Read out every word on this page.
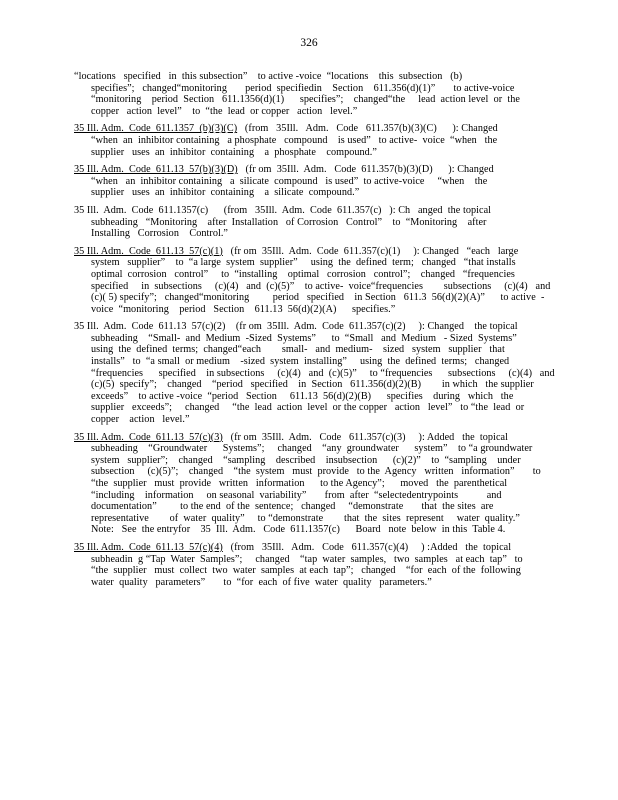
326
“locations   specified   in  this subsection”    to active -voice  “locations    this  subsection   (b)
specifies”;   changed“monitoring       period  specifiedin    Section    611.356(d)(1)”       to active-voice
“monitoring    period  Section   611.1356(d)(1)      specifies”;    changed“the     lead  action level  or  the
copper   action  level”    to  “the  lead  or copper   action   level.”
35 Ill. Adm.  Code  611.1357  (b)(3)(C)   (from   35Ill.   Adm.   Code   611.357(b)(3)(C)      ): Changed
“when  an  inhibitor containing   a phosphate   compound    is used”   to active-  voice  “when   the
supplier   uses  an  inhibitor  containing    a  phosphate    compound.”
35 Ill. Adm.  Code  611.13  57(b)(3)(D)   (fr om  35Ill.  Adm.   Code  611.357(b)(3)(D)      ): Changed
“when   an  inhibitor containing   a  silicate  compound   is used”  to active-voice     “when    the
supplier   uses  an  inhibitor  containing    a  silicate  compound.”
35 Ill.  Adm.  Code  611.1357(c)      (from   35Ill.  Adm.  Code  611.357(c)   ): Ch   anged  the topical
subheading   “Monitoring    after  Installation   of Corrosion   Control”    to  “Monitoring    after
Installing   Corrosion    Control.”
35 Ill. Adm.  Code  611.13  57(c)(1)   (fr om  35Ill.  Adm.  Code  611.357(c)(1)     ): Changed   “each   large
system   supplier”    to  “a large  system  supplier”     using  the  defined  term;   changed   “that installs
optimal  corrosion   control”     to  “installing    optimal   corrosion   control”;    changed   “frequencies
specified     in  subsections     (c)(4)   and  (c)(5)”    to active-  voice“frequencies        subsections     (c)(4)   and
(c)( 5) specify”;   changed“monitoring         period   specified    in Section   611.3  56(d)(2)(A)”      to active  -
voice  “monitoring    period   Section    611.13  56(d)(2)(A)      specifies.”
35 Ill.  Adm.  Code  611.13  57(c)(2)    (fr om  35Ill.  Adm.  Code  611.357(c)(2)     ): Changed    the topical
subheading    “Small-  and  Medium  -Sized  Systems”      to  “Small   and  Medium   - Sized  Systems”
using  the  defined  terms;  changed“each        small-   and  medium-    sized   system   supplier   that
installs”   to  “a small  or medium    -sized  system  installing”     using  the  defined  terms;   changed
“frequencies      specified    in subsections     (c)(4)   and  (c)(5)”     to “frequencies      subsections     (c)(4)   and
(c)(5)  specify”;    changed    “period   specified    in  Section   611.356(d)(2)(B)        in which   the supplier
exceeds”    to active -voice  “period   Section     611.13  56(d)(2)(B)      specifies    during   which   the
supplier   exceeds”;     changed     “the  lead  action  level  or the copper   action   level”   to “the  lead  or
copper    action   level.”
35 Ill. Adm.  Code  611.13  57(c)(3)   (fr om  35Ill.  Adm.   Code   611.357(c)(3)     ): Added   the  topical
subheading    “Groundwater      Systems”;     changed    “any  groundwater      system”    to “a groundwater
system   supplier”;    changed    “sampling    described    insubsection      (c)(2)”    to  “sampling    under
subsection     (c)(5)”;    changed    “the  system   must  provide   to the  Agency   written   information”       to
“the  supplier   must  provide   written   information      to the Agency”;      moved   the  parenthetical
“including    information     on seasonal  variability”       from  after  “selectedentrypoints           and
documentation”         to the end  of the  sentence;   changed     “demonstrate       that  the sites  are
representative        of  water  quality”     to “demonstrate        that  the  sites  represent     water  quality.”
Note:   See  the entryfor    35  Ill.  Adm.   Code  611.1357(c)      Board   note  below  in this  Table 4.
35 Ill. Adm.  Code  611.13  57(c)(4)   (from   35Ill.   Adm.   Code   611.357(c)(4)     ) :Added   the  topical
subheadin  g “Tap  Water  Samples”;     changed    “tap  water  samples,   two  samples   at each  tap”   to
“the  supplier   must  collect  two  water  samples  at each  tap”;   changed    “for  each  of the  following
water  quality   parameters”       to  “for  each  of five  water  quality   parameters.”
